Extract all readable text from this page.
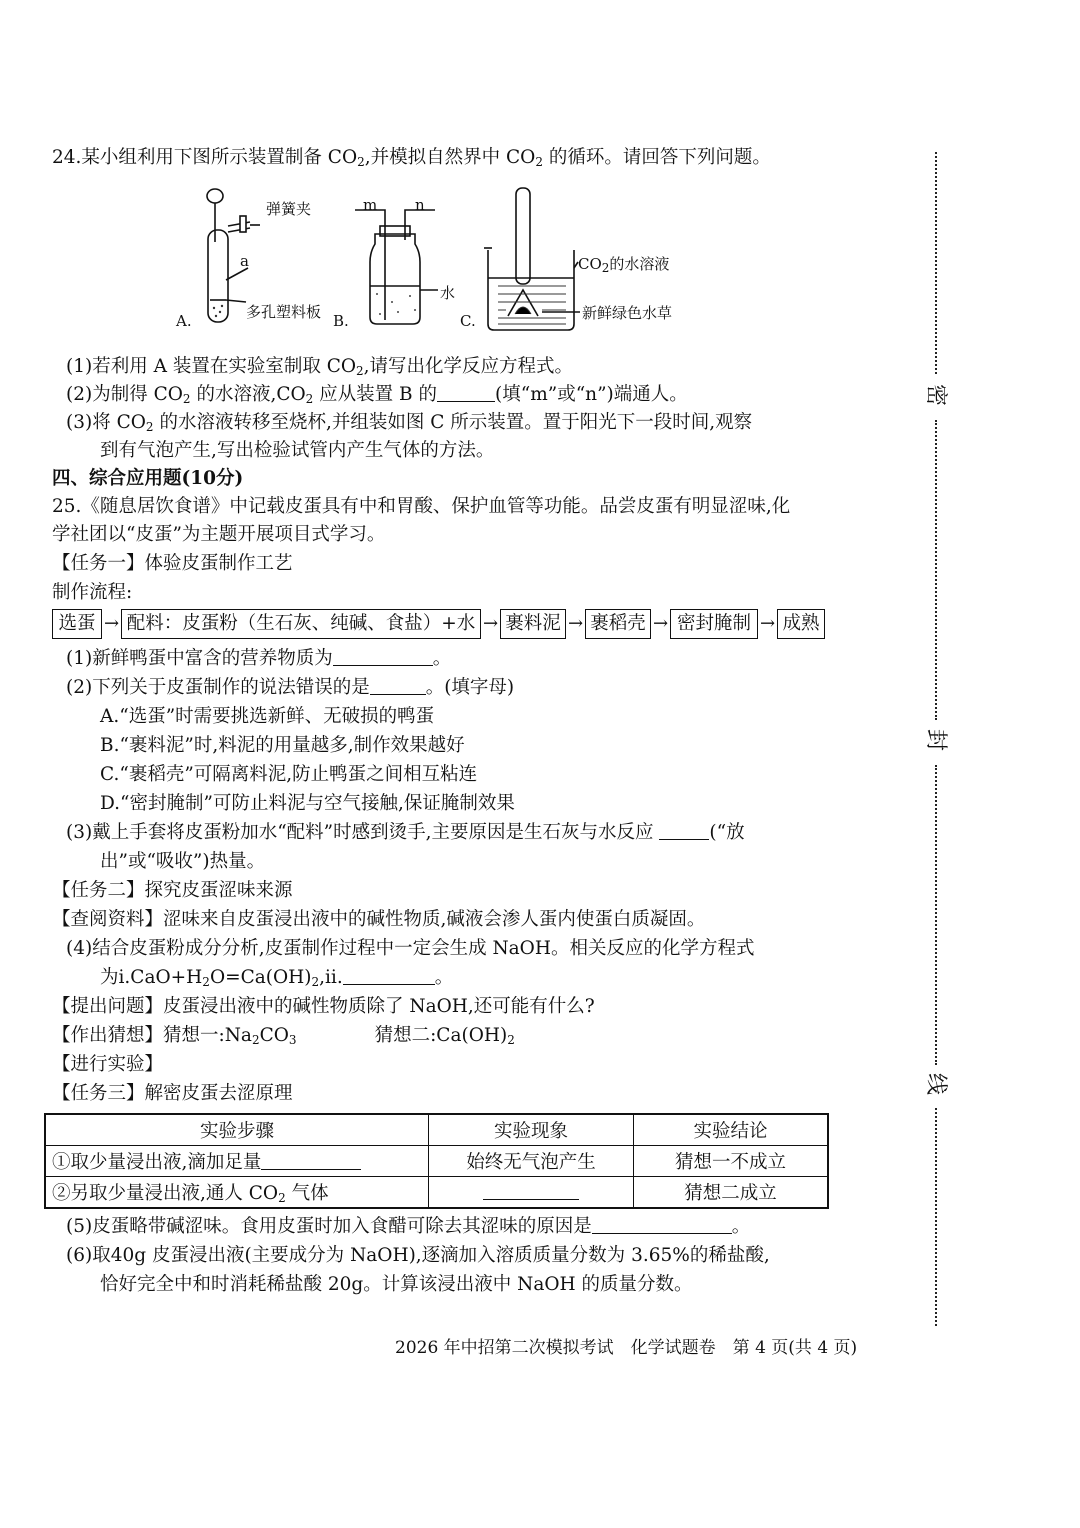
24.某小组利用下图所示装置制备 $CO_2$,并模拟自然界中 $CO_2$ 的循环。请回答下列问题。
弹簧夹
a
多孔塑料板
A.
m	n
水
B.
$CO_2$的水溶液
新鲜绿色水草
C.
(1)若利用 A 装置在实验室制取 $CO_2$,请写出化学反应方程式。
(2)为制得 $CO_2$ 的水溶液$,CO_2$ 应从装置 B 的	(填“m”或“n”)端通人。
(3)将 $CO_2$ 的水溶液转移至烧杯,并组装如图 C 所示装置。置于阳光下一段时间,观察
到有气泡产生,写出检验试管内产生气体的方法。
四、综合应用题(10分)
25.《随息居饮食谱》中记载皮蛋具有中和胃酸、保护血管等功能。品尝皮蛋有明显涩味,化
学社团以“皮蛋”为主题开展项目式学习。
【任务一】体验皮蛋制作工艺
制作流程:
选蛋 → 配料：皮蛋粉（生石灰、纯碱、食盐）+水 → 裹料泥 → 裹稻壳 → 密封腌制 → 成熟
(1)新鲜鸭蛋中富含的营养物质为	。
(2)下列关于皮蛋制作的说法错误的是	。(填字母)
A.“选蛋”时需要挑选新鲜、无破损的鸭蛋
B.“裹料泥”时,料泥的用量越多,制作效果越好
C.“裹稻壳”可隔离料泥,防止鸭蛋之间相互粘连
D.“密封腌制”可防止料泥与空气接触,保证腌制效果
(3)戴上手套将皮蛋粉加水“配料”时感到烫手,主要原因是生石灰与水反应	(“放
出”或“吸收”)热量。
【任务二】探究皮蛋涩味来源
【查阅资料】涩味来自皮蛋浸出液中的碱性物质,碱液会渗人蛋内使蛋白质凝固。
(4)结合皮蛋粉成分分析,皮蛋制作过程中一定会生成 NaOH。相关反应的化学方程式
为$ⅰ.CaO+H_2O=Ca(OH)_2,ⅱ$.	。
【提出问题】皮蛋浸出液中的碱性物质除了 NaOH,还可能有什么?
【作出猜想】猜想一$:Na_2CO_3$	猜想二$:Ca(OH)_2$
【进行实验】
【任务三】解密皮蛋去涩原理
实验步骤	实验现象	实验结论
①取少量浸出液,滴加足量	始终无气泡产生	猜想一不成立
②另取少量浸出液,通人 $CO_2$ 气体		猜想二成立
(5)皮蛋略带碱涩味。食用皮蛋时加入食醋可除去其涩味的原因是	。
(6)取40g 皮蛋浸出液(主要成分为 NaOH),逐滴加入溶质质量分数为 3.65%的稀盐酸,
恰好完全中和时消耗稀盐酸 20g。计算该浸出液中 NaOH 的质量分数。
密
封
线
2026 年中招第二次模拟考试　化学试题卷　第 4 页(共 4 页)
